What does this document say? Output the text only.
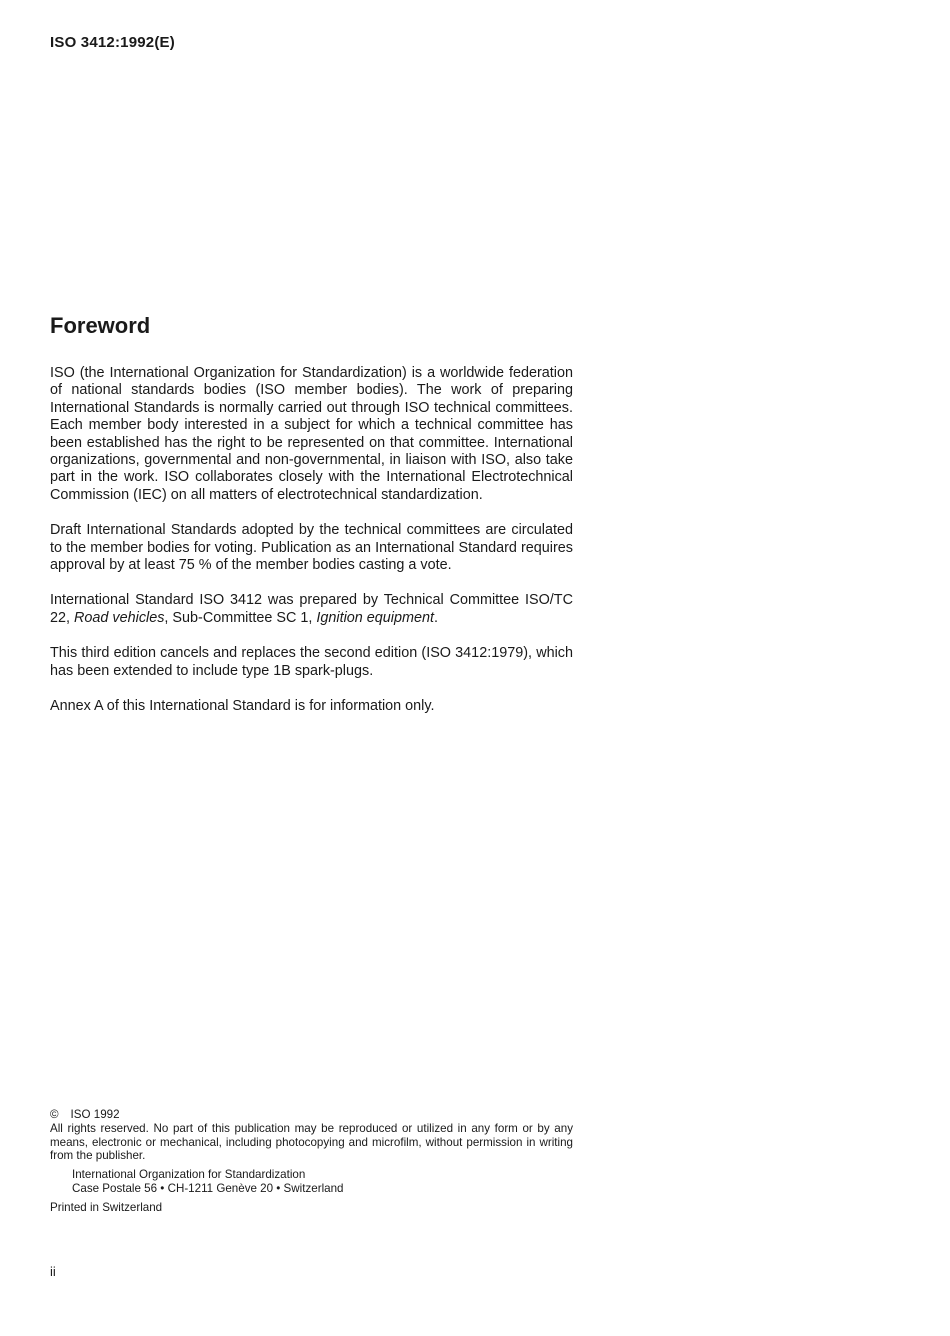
ISO 3412:1992(E)
Foreword

ISO (the International Organization for Standardization) is a worldwide federation of national standards bodies (ISO member bodies). The work of preparing International Standards is normally carried out through ISO technical committees. Each member body interested in a subject for which a technical committee has been established has the right to be represented on that committee. International organizations, governmental and non-governmental, in liaison with ISO, also take part in the work. ISO collaborates closely with the International Electrotechnical Commission (IEC) on all matters of electrotechnical standardization.

Draft International Standards adopted by the technical committees are circulated to the member bodies for voting. Publication as an International Standard requires approval by at least 75 % of the member bodies casting a vote.

International Standard ISO 3412 was prepared by Technical Committee ISO/TC 22, Road vehicles, Sub-Committee SC 1, Ignition equipment.

This third edition cancels and replaces the second edition (ISO 3412:1979), which has been extended to include type 1B spark-plugs.

Annex A of this International Standard is for information only.

© ISO 1992
All rights reserved. No part of this publication may be reproduced or utilized in any form or by any means, electronic or mechanical, including photocopying and microfilm, without permission in writing from the publisher.
International Organization for Standardization
Case Postale 56 • CH-1211 Genève 20 • Switzerland
Printed in Switzerland
ii
